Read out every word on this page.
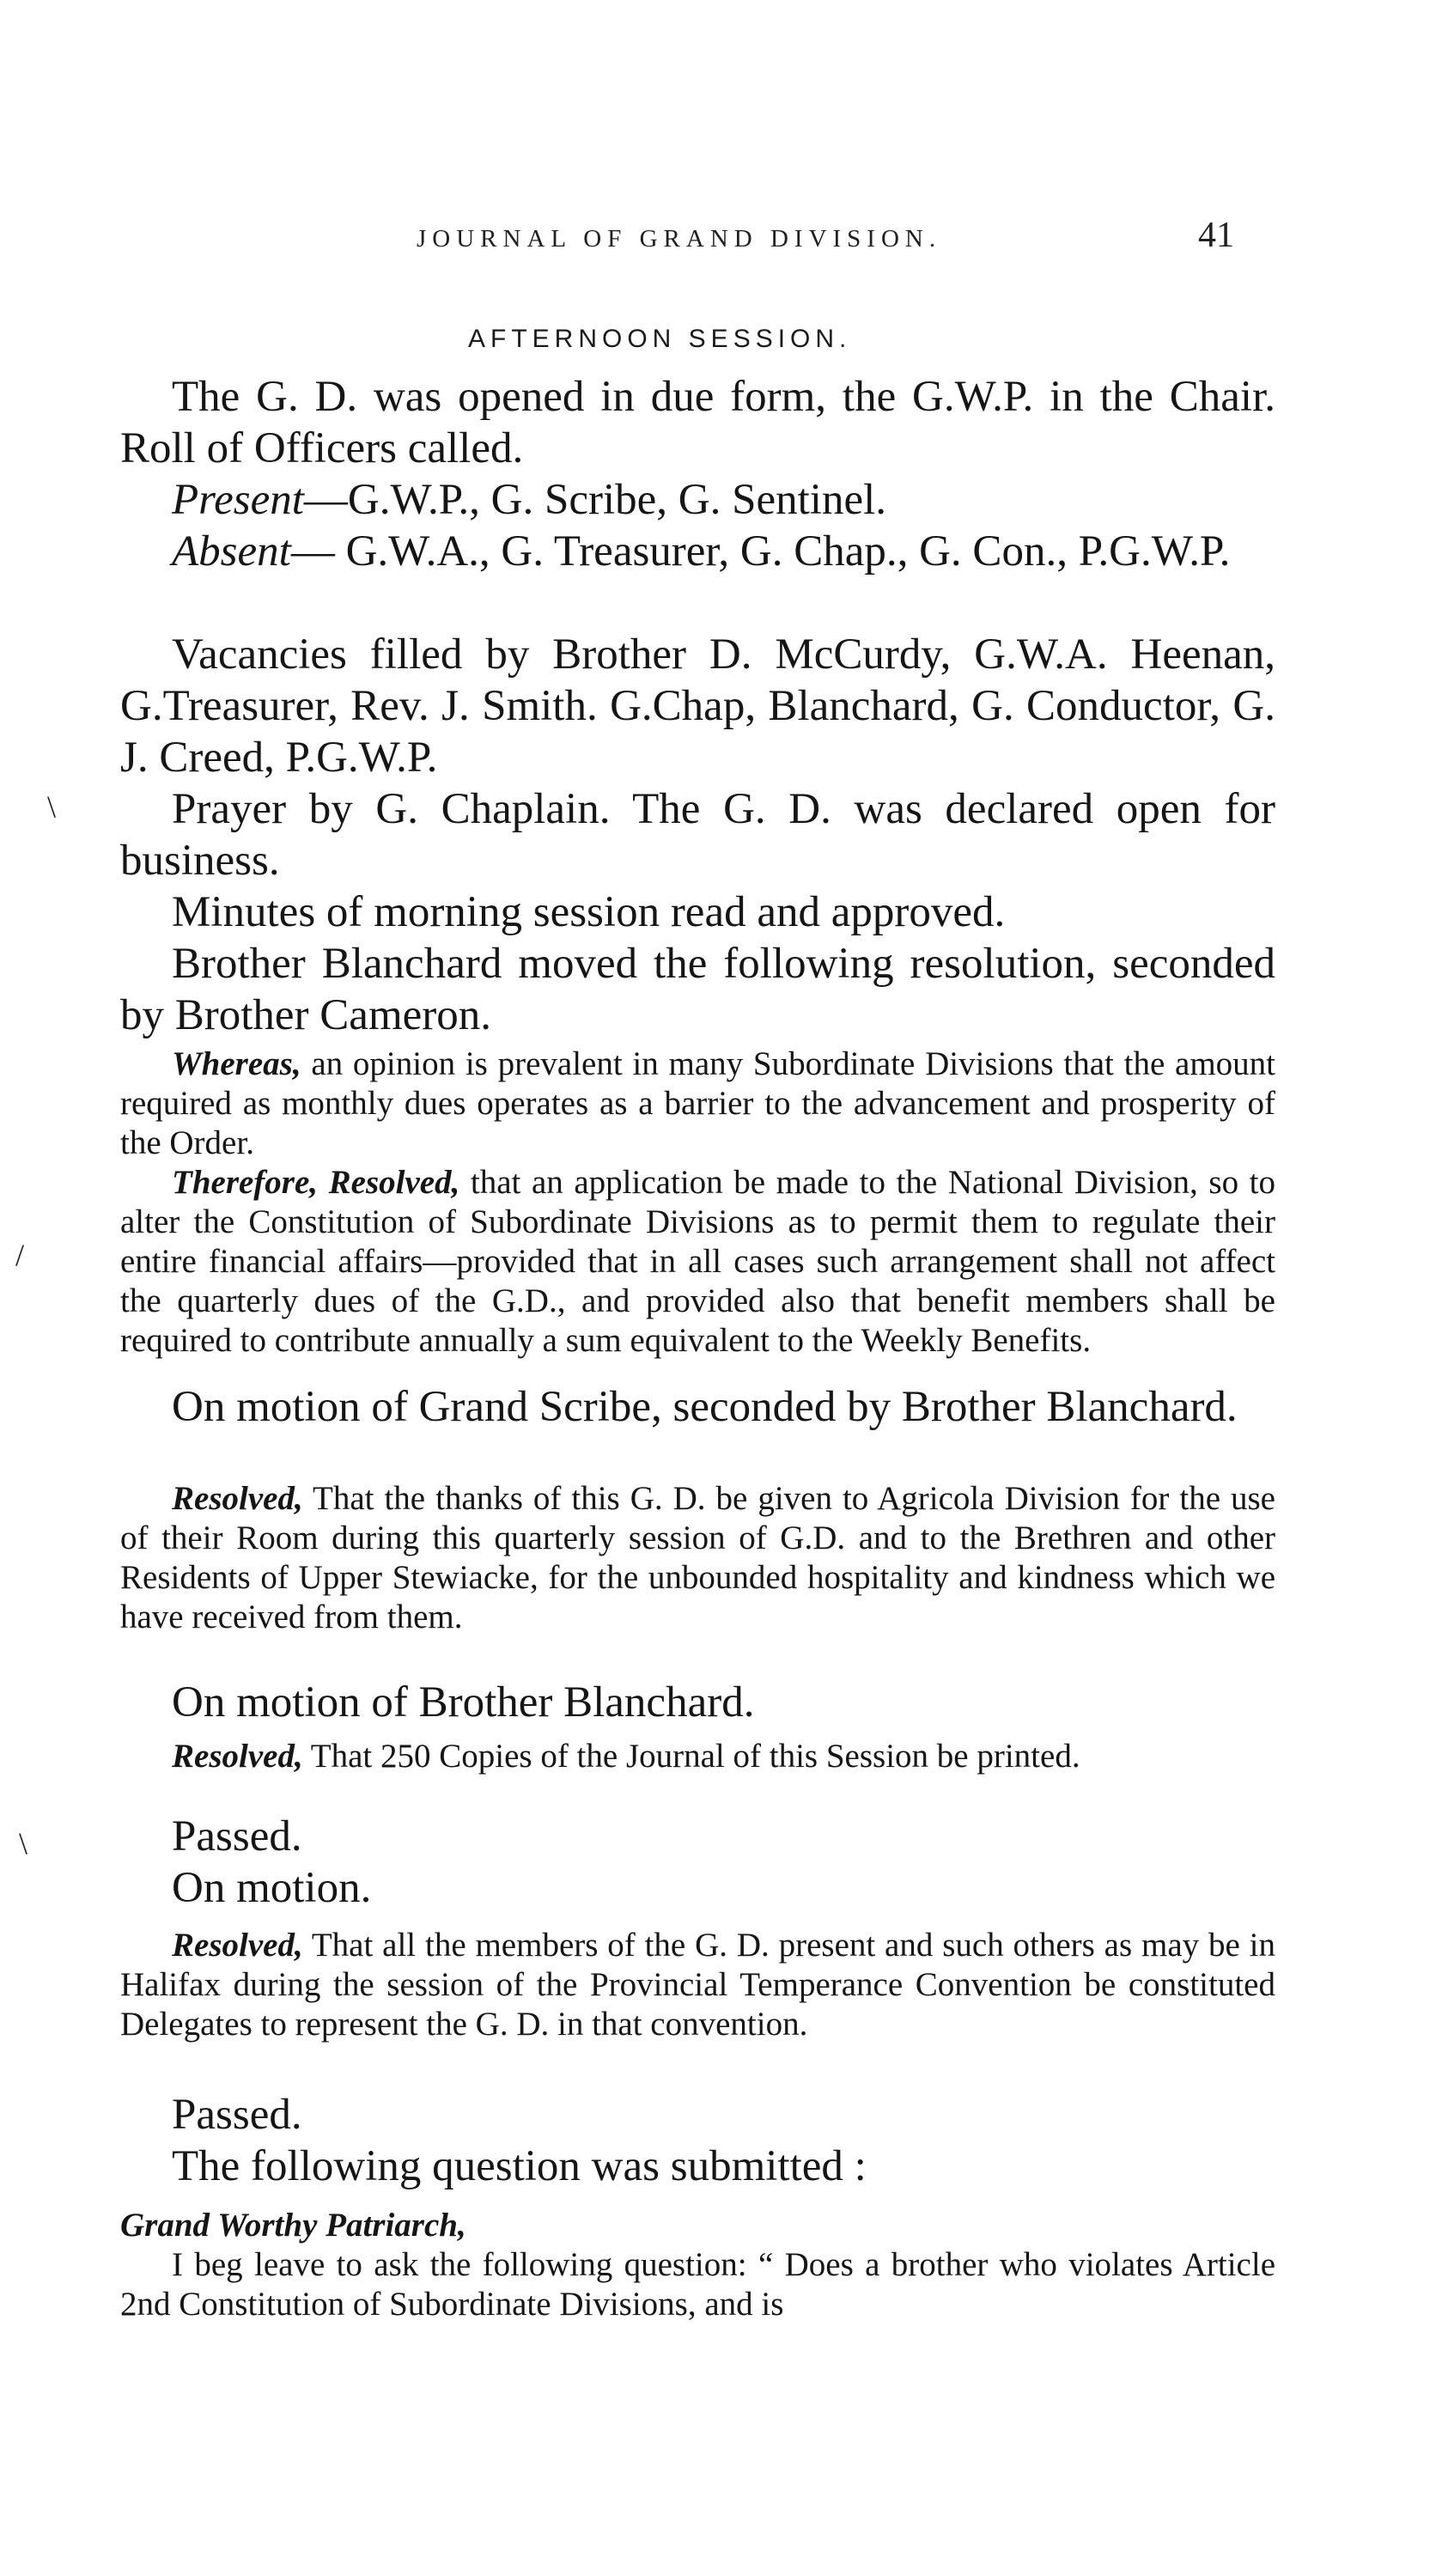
JOURNAL OF GRAND DIVISION.	41
AFTERNOON SESSION.
\
/
\

The G. D. was opened in due form, the G.W.P. in the Chair. Roll of Officers called.

Present—G.W.P., G. Scribe, G. Sentinel.

Absent— G.W.A., G. Treasurer, G. Chap., G. Con., P.G.W.P.

Vacancies filled by Brother D. McCurdy, G.W.A. Heenan, G.Treasurer, Rev. J. Smith. G.Chap, Blanchard, G. Conductor, G. J. Creed, P.G.W.P.

Prayer by G. Chaplain. The G. D. was declared open for business.

Minutes of morning session read and approved.

Brother Blanchard moved the following resolution, seconded by Brother Cameron.

Whereas, an opinion is prevalent in many Subordinate Divisions that the amount required as monthly dues operates as a barrier to the advancement and prosperity of the Order.

Therefore, Resolved, that an application be made to the National Division, so to alter the Constitution of Subordinate Divisions as to permit them to regulate their entire financial affairs—provided that in all cases such arrangement shall not affect the quarterly dues of the G.D., and provided also that benefit members shall be required to contribute annually a sum equivalent to the Weekly Benefits.

On motion of Grand Scribe, seconded by Brother Blanchard.

Resolved, That the thanks of this G. D. be given to Agricola Division for the use of their Room during this quarterly session of G.D. and to the Brethren and other Residents of Upper Stewiacke, for the unbounded hospitality and kindness which we have received from them.

On motion of Brother Blanchard.

Resolved, That 250 Copies of the Journal of this Session be printed.

Passed.

On motion.

Resolved, That all the members of the G. D. present and such others as may be in Halifax during the session of the Provincial Temperance Convention be constituted Delegates to represent the G. D. in that convention.

Passed.

The following question was submitted :

Grand Worthy Patriarch,

I beg leave to ask the following question: “ Does a brother who violates Article 2nd Constitution of Subordinate Divisions, and is
